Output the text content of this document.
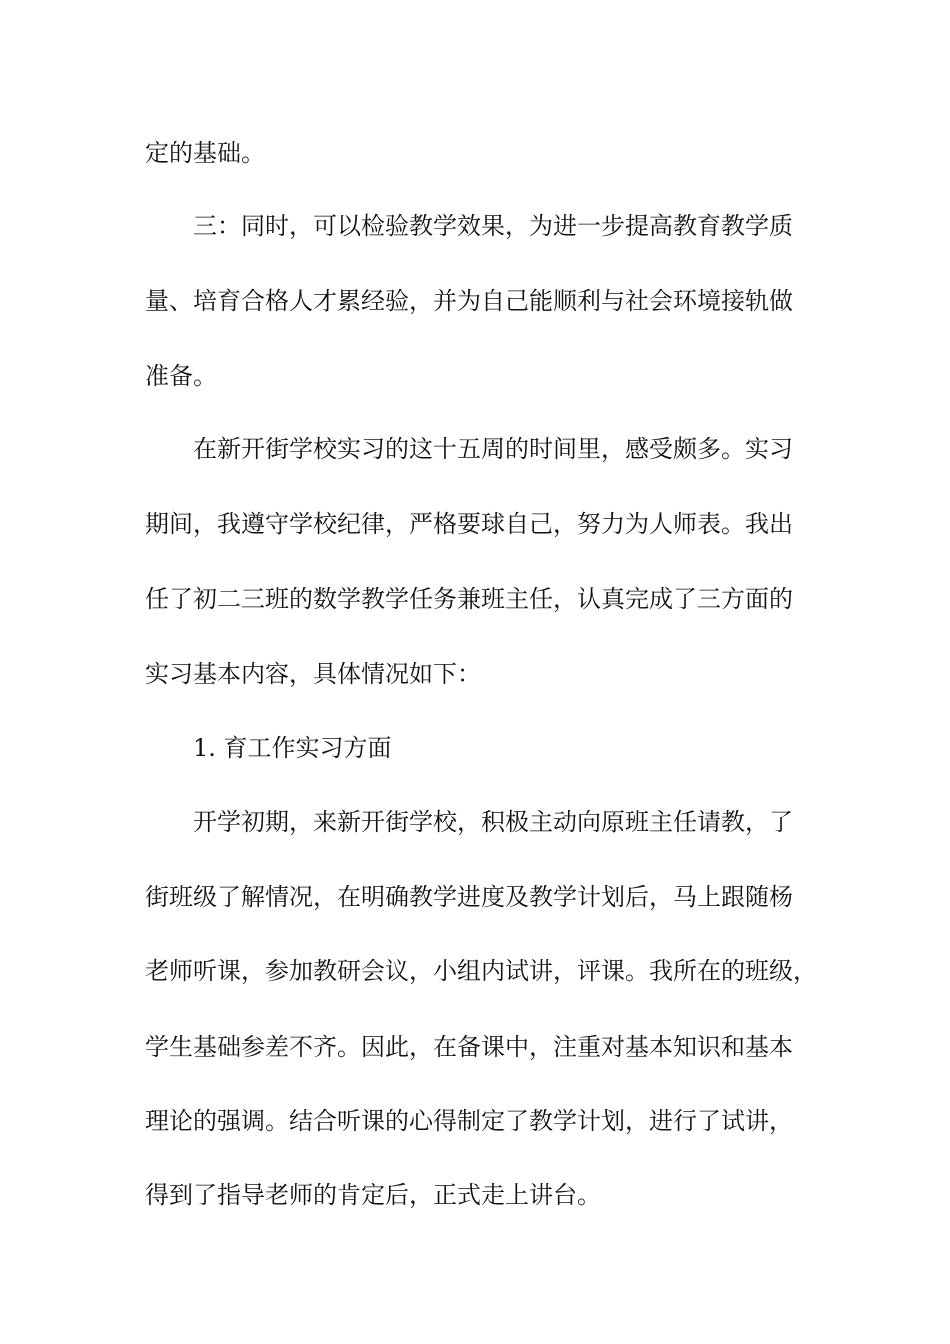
定的基础。
三：同时，可以检验教学效果，为进一步提高教育教学质
量、培育合格人才累经验，并为自己能顺利与社会环境接轨做
准备。
在新开街学校实习的这十五周的时间里，感受颇多。实习
期间，我遵守学校纪律，严格要球自己，努力为人师表。我出
任了初二三班的数学教学任务兼班主任，认真完成了三方面的
实习基本内容，具体情况如下：
1. 育工作实习方面
开学初期，来新开街学校，积极主动向原班主任请教，了
街班级了解情况，在明确教学进度及教学计划后，马上跟随杨
老师听课，参加教研会议，小组内试讲，评课。我所在的班级，
学生基础参差不齐。因此，在备课中，注重对基本知识和基本
理论的强调。结合听课的心得制定了教学计划，进行了试讲，
得到了指导老师的肯定后，正式走上讲台。
